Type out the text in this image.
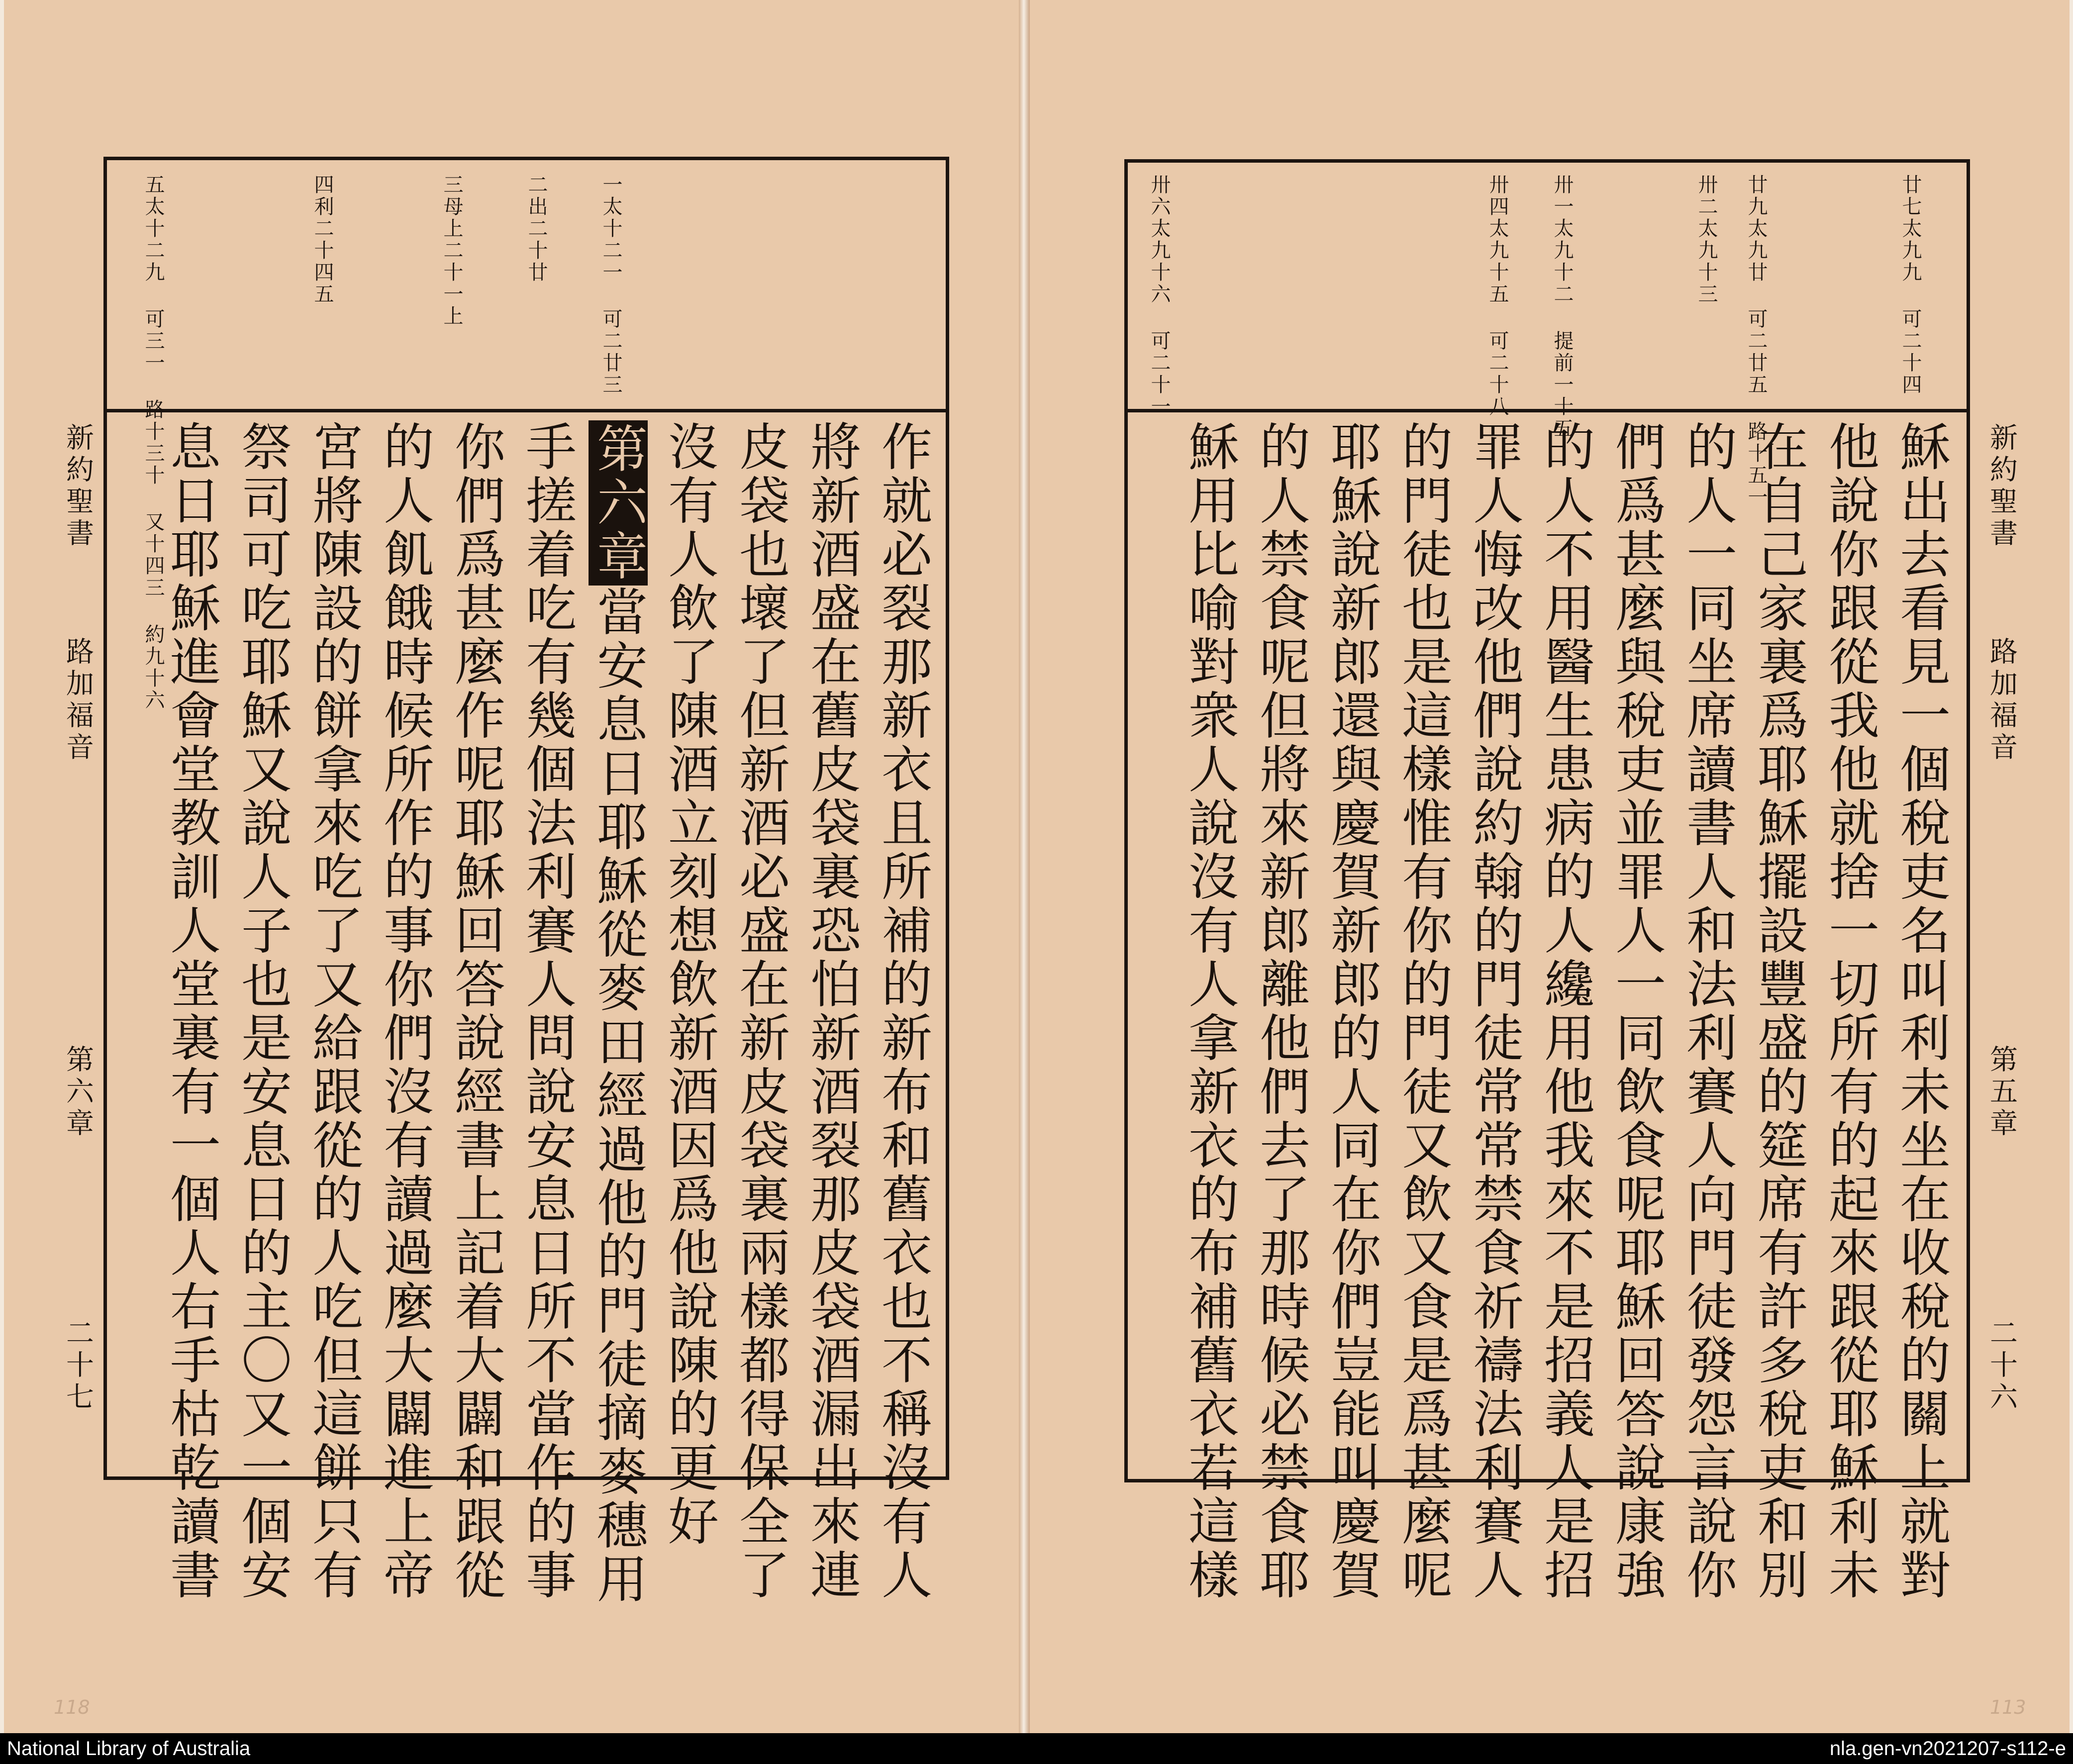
一太十二一 可二廿三
二出二十廿
三母上二十一上
四利二十四五
五太十二九 可三一 路十三十 又十四三 約九十六	作就必裂那新衣且所補的新布和舊衣也不稱沒有人
將新酒盛在舊皮袋裏恐怕新酒裂那皮袋酒漏出來連
皮袋也壞了但新酒必盛在新皮袋裏兩樣都得保全了
沒有人飲了陳酒立刻想飲新酒因爲他說陳的更好
第六章當安息日耶穌從麥田經過他的門徒摘麥穗用
手搓着吃有幾個法利賽人問說安息日所不當作的事
你們爲甚麼作呢耶穌回答說經書上記着大闢和跟從
的人飢餓時候所作的事你們沒有讀過麼大闢進上帝
宮將陳設的餅拿來吃了又給跟從的人吃但這餅只有
祭司可吃耶穌又說人子也是安息日的主〇又一個安
息日耶穌進會堂教訓人堂裏有一個人右手枯乾讀書
新約聖書
路加福音
第六章
二十七
118
廿七太九九 可二十四
廿九太九廿 可二廿五 路十五一
卅二太九十三
卅一太九十二 提前一十五
卅四太九十五 可二十八
卅六太九十六 可二十一
穌出去看見一個稅吏名叫利未坐在收稅的關上就對
他說你跟從我他就捨一切所有的起來跟從耶穌利未
在自己家裏爲耶穌擺設豐盛的筵席有許多稅吏和別
的人一同坐席讀書人和法利賽人向門徒發怨言說你
們爲甚麼與稅吏並罪人一同飲食呢耶穌回答說康強
的人不用醫生患病的人纔用他我來不是招義人是招
罪人悔改他們說約翰的門徒常常禁食祈禱法利賽人
的門徒也是這樣惟有你的門徒又飲又食是爲甚麼呢
耶穌說新郎還與慶賀新郎的人同在你們豈能叫慶賀
的人禁食呢但將來新郎離他們去了那時候必禁食耶
穌用比喻對衆人說沒有人拿新衣的布補舊衣若這樣	新約聖書
路加福音
第五章
二十六
113
National Library of Australia	nla.gen-vn2021207-s112-e
